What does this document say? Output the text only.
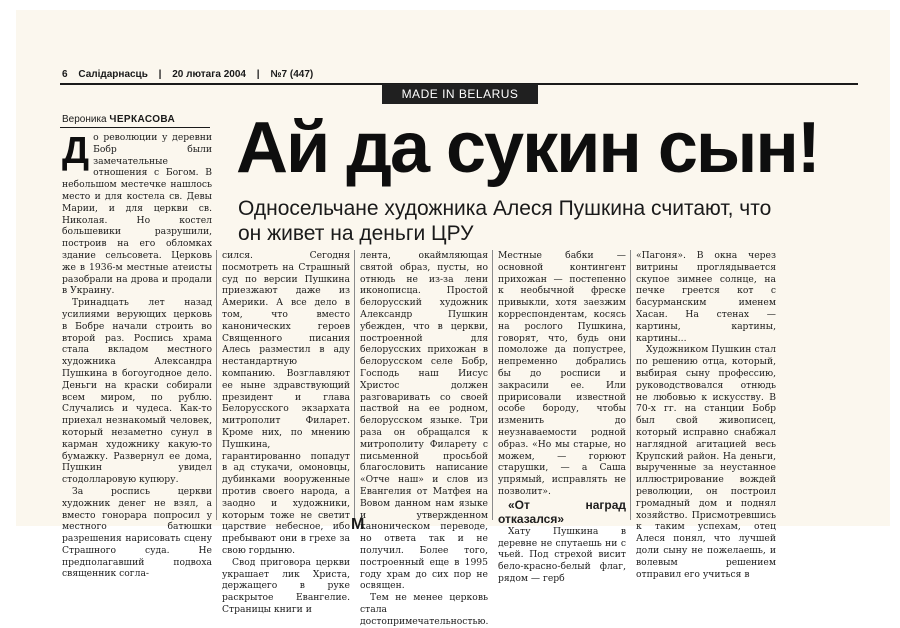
6 Салідарнасць | 20 лютага 2004 | №7 (447)
MADE IN BELARUS
Вероника ЧЕРКАСОВА Ай да сукин сын!
Односельчане художника Алеся Пушкина считают, что он живет на деньги ЦРУ

До революции у деревни Бобр были замечательные отношения с Богом. В небольшом местечке нашлось место и для костела св. Девы Марии, и для церкви св. Николая. Но костел большевики разрушили, построив на его обломках здание сельсовета. Церковь же в 1936-м местные атеисты разобрали на дрова и продали в Украину.

Тринадцать лет назад усилиями верующих церковь в Бобре начали строить во второй раз. Роспись храма стала вкладом местного художника Александра Пушкина в богоугодное дело. Деньги на краски собирали всем миром, по рублю. Случались и чудеса. Как-то приехал незнакомый человек, который незаметно сунул в карман художнику какую-то бумажку. Развернул ее дома, Пушкин увидел стодолларовую купюру.

За роспись церкви художник денег не взял, а вместо гонорара попросил у местного батюшки разрешения нарисовать сцену Страшного суда. Не предполагавший подвоха священник согла-

сился. Сегодня посмотреть на Страшный суд по версии Пушкина приезжают даже из Америки. А все дело в том, что вместо канонических героев Священного писания Алесь разместил в аду нестандартную компанию. Возглавляют ее ныне здравствующий президент и глава Белорусского экзархата митрополит Филарет. Кроме них, по мнению Пушкина, гарантированно попадут в ад стукачи, омоновцы, дубинками вооруженные против своего народа, а заодно и художники, которым тоже не светит царствие небесное, ибо пребывают они в грехе за свою гордыню.

Свод приговора церкви украшает лик Христа, держащего в руке раскрытое Евангелие. Страницы книги и

лента, окаймляющая святой образ, пусты, но отнюдь не из-за лени иконописца. Простой белорусский художник Александр Пушкин убежден, что в церкви, построенной для белорусских прихожан в белорусском селе Бобр, Господь наш Иисус Христос должен разговаривать со своей паствой на ее родном, белорусском языке. Три раза он обращался к митрополиту Филарету с письменной просьбой благословить написание «Отче наш» и слов из Евангелия от Матфея на Вовом данном нам языке и утвержденном каноническом переводе, но ответа так и не получил. Более того, построенный еще в 1995 году храм до сих пор не освящен.

Тем не менее церковь стала достопримечательностью.

Местные бабки — основной контингент прихожан — постепенно к необычной фреске привыкли, хотя заезжим корреспондентам, косясь на рослого Пушкина, говорят, что, будь они помоложе да попустрее, непременно добрались бы до росписи и закрасили ее. Или пририсовали известной особе бороду, чтобы изменить до неузнаваемости родной образ. «Но мы старые, но можем, — горюют старушки, — а Саша упрямый, исправлять не позволит».

«От наград отказался»

Хату Пушкина в деревне не спутаешь ни с чьей. Под стрехой висит бело-красно-белый флаг, рядом — герб

«Пагоня». В окна через витрины проглядывается скупое зимнее солнце, на печке греется кот с басурманским именем Хасан. На стенах — картины, картины, картины...

Художником Пушкин стал по решению отца, который, выбирая сыну профессию, руководствовался отнюдь не любовью к искусству. В 70-х гг. на станции Бобр был свой живописец, который исправно снабжал наглядной агитацией весь Крупский район. На деньги, вырученные за неустанное иллюстрирование вождей революции, он построил громадный дом и поднял хозяйство. Присмотревшись к таким успехам, отец Алеся понял, что лучшей доли сыну не пожелаешь, и волевым решением отправил его учиться в

М
